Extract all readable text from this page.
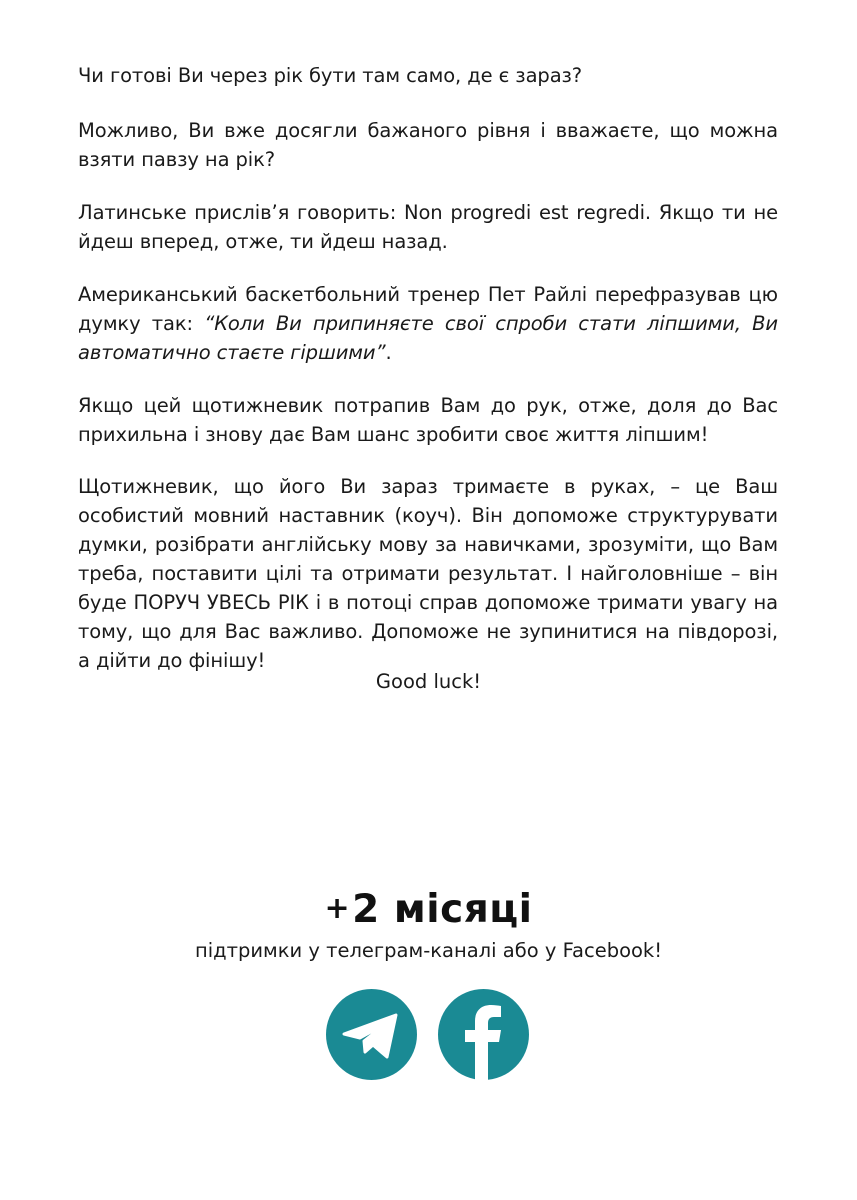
Чи готові Ви через рік бути там само, де є зараз?

Можливо, Ви вже досягли бажаного рівня і вважаєте, що можна взяти павзу на рік?

Латинське прислів’я говорить: Non progredi est regredi. Якщо ти не йдеш вперед, отже, ти йдеш назад.

Американський баскетбольний тренер Пет Райлі перефразував цю думку так: “Коли Ви припиняєте свої спроби стати ліпшими, Ви автоматично стаєте гіршими”.

Якщо цей щотижневик потрапив Вам до рук, отже, доля до Вас прихильна і знову дає Вам шанс зробити своє життя ліпшим!

Щотижневик, що його Ви зараз тримаєте в руках, – це Ваш особистий мовний наставник (коуч). Він допоможе структурувати думки, розібрати англійську мову за навичками, зрозуміти, що Вам треба, поставити цілі та отримати результат. І найголовніше – він буде ПОРУЧ УВЕСЬ РІК і в потоці справ допоможе тримати увагу на тому, що для Вас важливо. Допоможе не зупинитися на півдорозі, а дійти до фінішу!

Good luck!
+2 місяці
підтримки у телеграм-каналі або у Facebook!
